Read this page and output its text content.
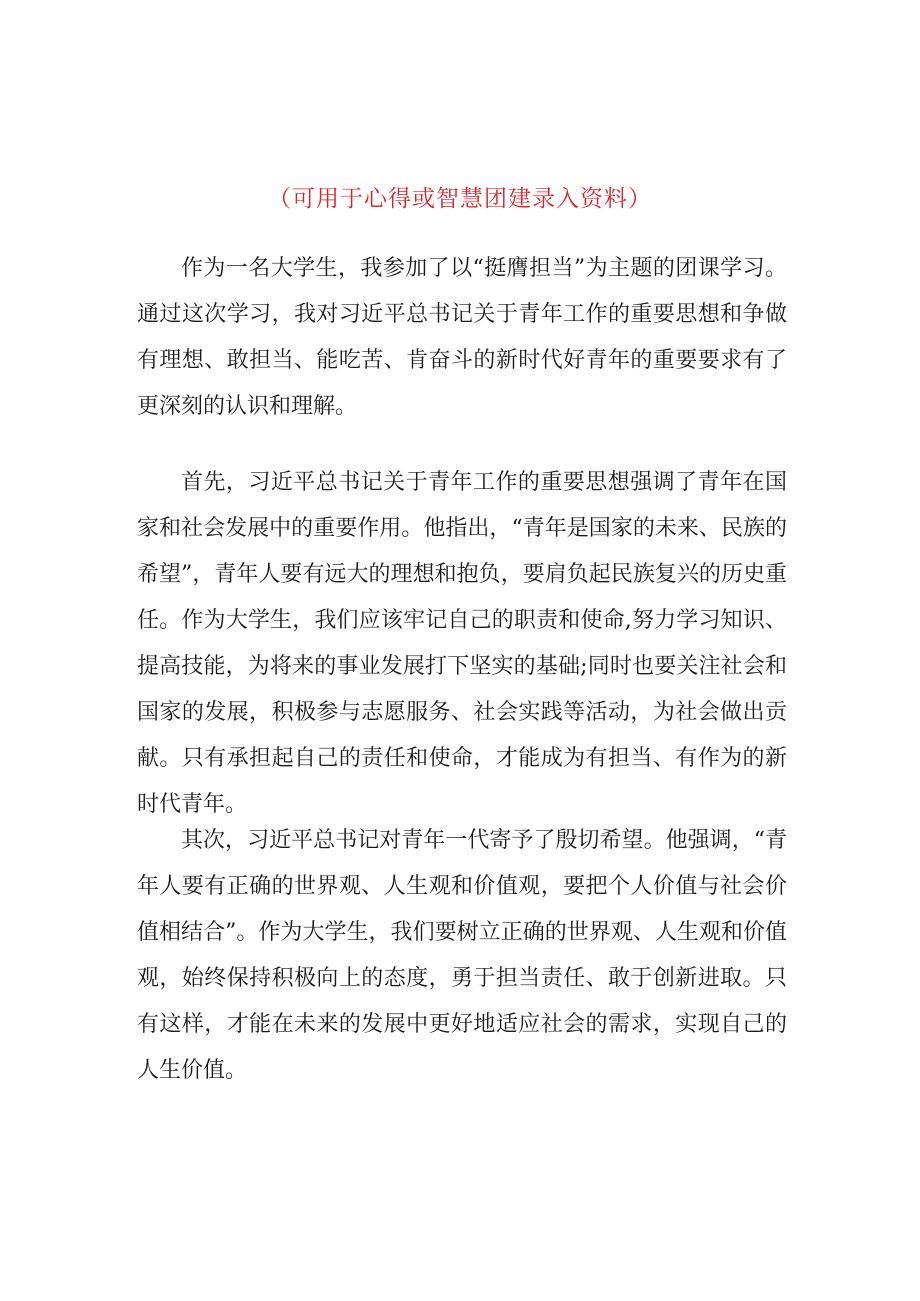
（可用于心得或智慧团建录入资料）

作为一名大学生，我参加了以“挺膺担当”为主题的团课学习。通过这次学习，我对习近平总书记关于青年工作的重要思想和争做有理想、敢担当、能吃苦、肯奋斗的新时代好青年的重要要求有了更深刻的认识和理解。

首先，习近平总书记关于青年工作的重要思想强调了青年在国家和社会发展中的重要作用。他指出，“青年是国家的未来、民族的希望”，青年人要有远大的理想和抱负，要肩负起民族复兴的历史重任。作为大学生，我们应该牢记自己的职责和使命,努力学习知识、提高技能，为将来的事业发展打下坚实的基础;同时也要关注社会和国家的发展，积极参与志愿服务、社会实践等活动，为社会做出贡献。只有承担起自己的责任和使命，才能成为有担当、有作为的新时代青年。

其次，习近平总书记对青年一代寄予了殷切希望。他强调，“青年人要有正确的世界观、人生观和价值观，要把个人价值与社会价值相结合”。作为大学生，我们要树立正确的世界观、人生观和价值观，始终保持积极向上的态度，勇于担当责任、敢于创新进取。只有这样，才能在未来的发展中更好地适应社会的需求，实现自己的人生价值。
